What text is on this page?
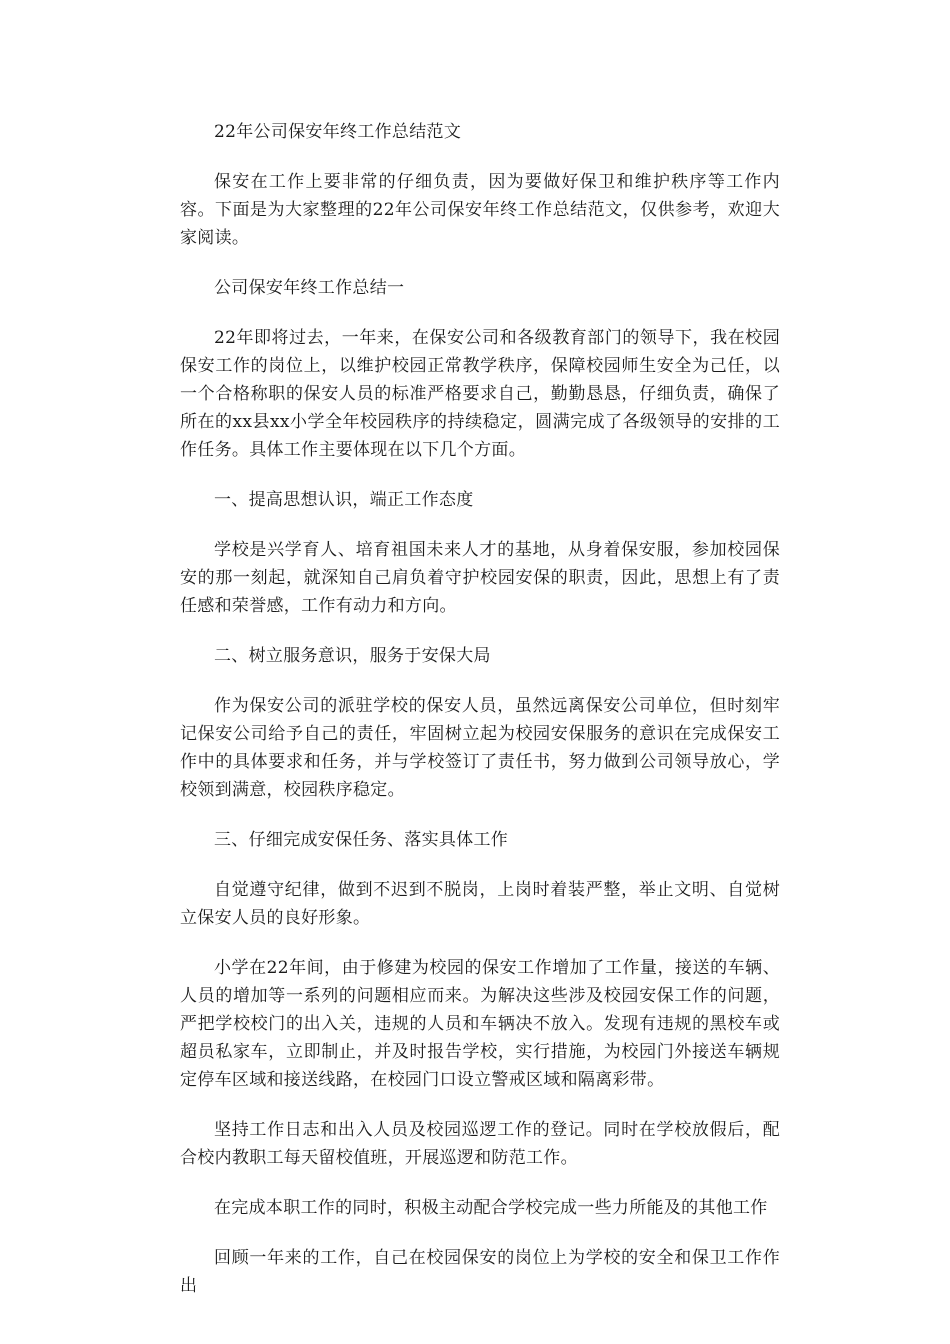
22年公司保安年终工作总结范文

保安在工作上要非常的仔细负责，因为要做好保卫和维护秩序等工作内容。下面是为大家整理的22年公司保安年终工作总结范文，仅供参考，欢迎大家阅读。

公司保安年终工作总结一

22年即将过去，一年来，在保安公司和各级教育部门的领导下，我在校园保安工作的岗位上，以维护校园正常教学秩序，保障校园师生安全为己任，以一个合格称职的保安人员的标准严格要求自己，勤勤恳恳，仔细负责，确保了所在的xx县xx小学全年校园秩序的持续稳定，圆满完成了各级领导的安排的工作任务。具体工作主要体现在以下几个方面。

一、提高思想认识，端正工作态度

学校是兴学育人、培育祖国未来人才的基地，从身着保安服，参加校园保安的那一刻起，就深知自己肩负着守护校园安保的职责，因此，思想上有了责任感和荣誉感，工作有动力和方向。

二、树立服务意识，服务于安保大局

作为保安公司的派驻学校的保安人员，虽然远离保安公司单位，但时刻牢记保安公司给予自己的责任，牢固树立起为校园安保服务的意识在完成保安工作中的具体要求和任务，并与学校签订了责任书，努力做到公司领导放心，学校领到满意，校园秩序稳定。

三、仔细完成安保任务、落实具体工作

自觉遵守纪律，做到不迟到不脱岗，上岗时着装严整，举止文明、自觉树立保安人员的良好形象。

小学在22年间，由于修建为校园的保安工作增加了工作量，接送的车辆、人员的增加等一系列的问题相应而来。为解决这些涉及校园安保工作的问题，严把学校校门的出入关，违规的人员和车辆决不放入。发现有违规的黑校车或超员私家车，立即制止，并及时报告学校，实行措施，为校园门外接送车辆规定停车区域和接送线路，在校园门口设立警戒区域和隔离彩带。

坚持工作日志和出入人员及校园巡逻工作的登记。同时在学校放假后，配合校内教职工每天留校值班，开展巡逻和防范工作。

在完成本职工作的同时，积极主动配合学校完成一些力所能及的其他工作

回顾一年来的工作，自己在校园保安的岗位上为学校的安全和保卫工作作出
